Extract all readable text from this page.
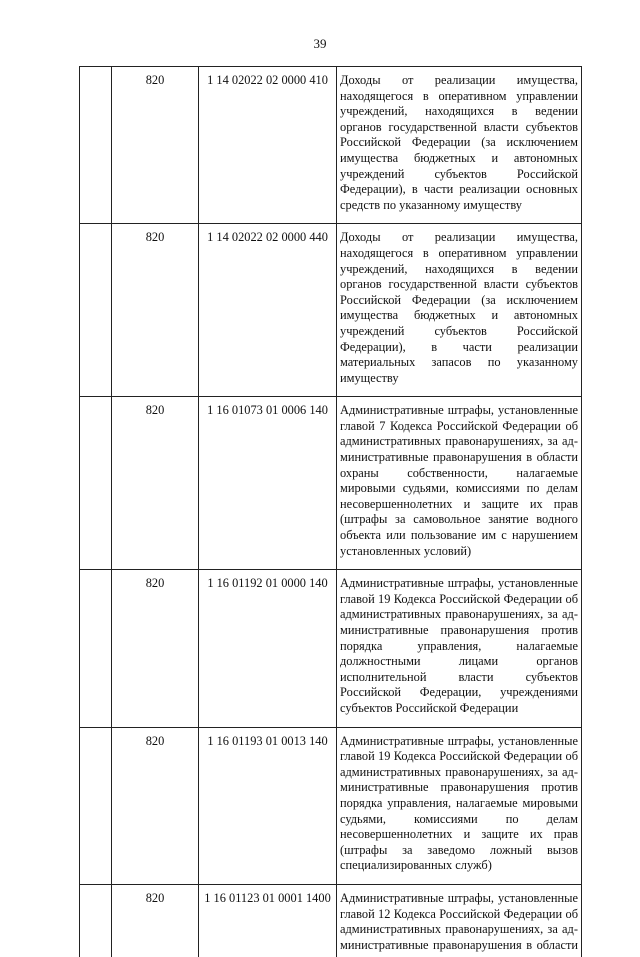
39
	820	1 14 02022 02 0000 410	Доходы от реализации имущества, находящегося в оперативном управлении учреждений, находящихся в ведении органов государственной власти субъектов Российской Федерации (за исключением имущества бюджетных и автономных учреждений субъектов Российской Федерации), в части реализации основных средств по указанному имуществу
	820	1 14 02022 02 0000 440	Доходы от реализации имущества, находящегося в оперативном управлении учреждений, находящихся в ведении органов государственной власти субъектов Российской Федерации (за исключением имущества бюджетных и автономных учреждений субъектов Российской Федерации), в части реализации материальных запасов по указанному имуществу
	820	1 16 01073 01 0006 140	Административные штрафы, установленные главой 7 Кодекса Российской Федерации об административных правонарушениях, за административные правонарушения в области охраны собственности, налагаемые мировыми судьями, комиссиями по делам несовершеннолетних и защите их прав (штрафы за самовольное занятие водного объекта или пользование им с нарушением установленных условий)
	820	1 16 01192 01 0000 140	Административные штрафы, установленные главой 19 Кодекса Российской Федерации об административных правонарушениях, за административные правонарушения против порядка управления, налагаемые должностными лицами органов исполнительной власти субъектов Российской Федерации, учреждениями субъектов Российской Федерации
	820	1 16 01193 01 0013 140	Административные штрафы, установленные главой 19 Кодекса Российской Федерации об административных правонарушениях, за административные правонарушения против порядка управления, налагаемые мировыми судьями, комиссиями по делам несовершеннолетних и защите их прав (штрафы за заведомо ложный вызов специализированных служб)
	820	1 16 01123 01 0001 1400	Административные штрафы, установленные главой 12 Кодекса Российской Федерации об административных правонарушениях, за административные правонарушения в области
